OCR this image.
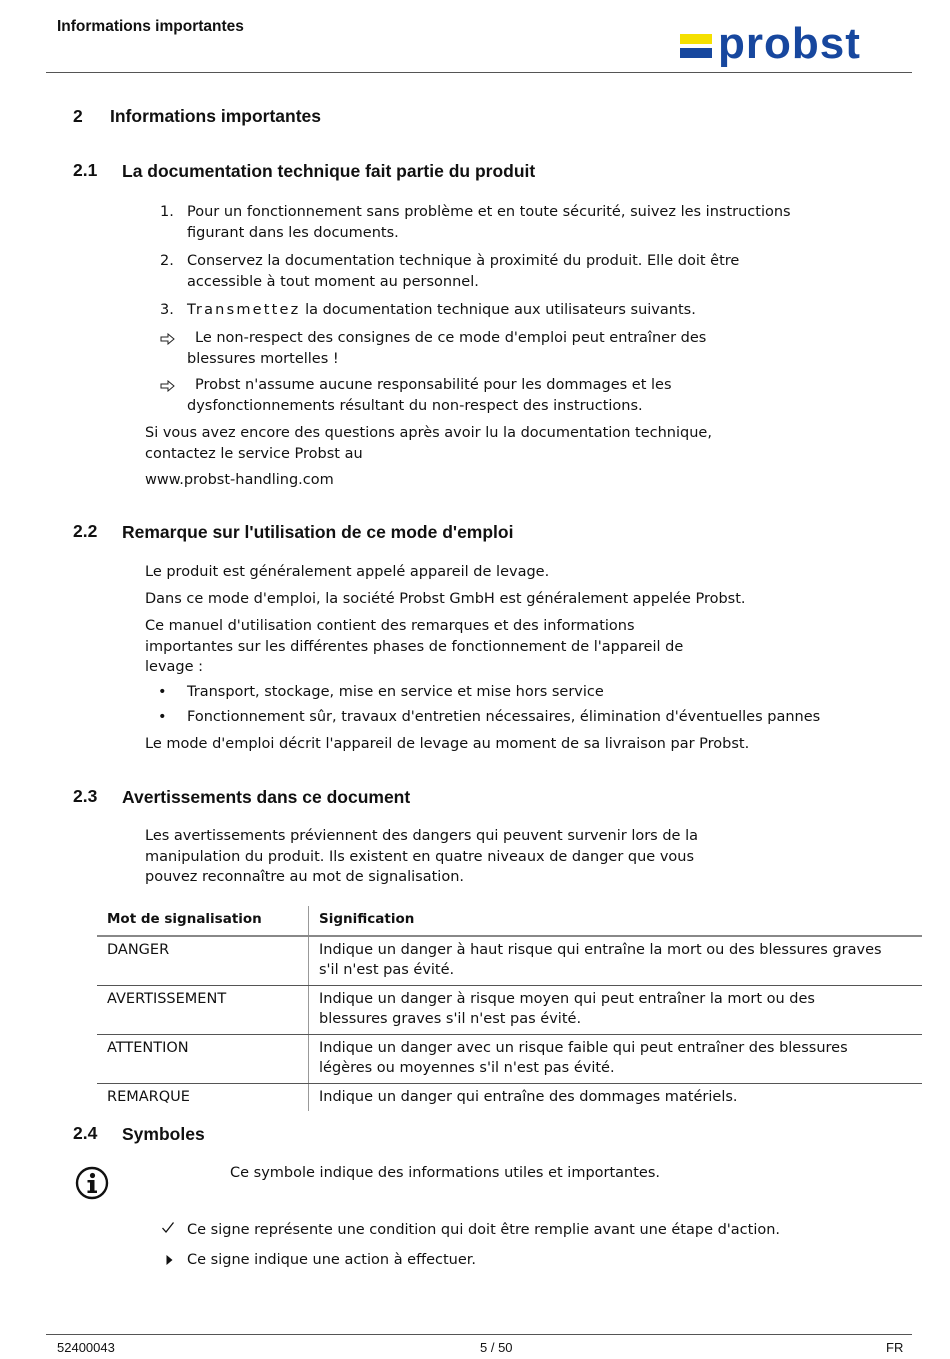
Informations importantes	probst
2 Informations importantes
2.1 La documentation technique fait partie du produit
1. Pour un fonctionnement sans problème et en toute sécurité, suivez les instructions
figurant dans les documents.
2. Conservez la documentation technique à proximité du produit. Elle doit être
accessible à tout moment au personnel.
3. Transmettez la documentation technique aux utilisateurs suivants.
Le non-respect des consignes de ce mode d'emploi peut entraîner des
blessures mortelles !
Probst n'assume aucune responsabilité pour les dommages et les
dysfonctionnements résultant du non-respect des instructions.
Si vous avez encore des questions après avoir lu la documentation technique,
contactez le service Probst au
www.probst-handling.com
2.2 Remarque sur l'utilisation de ce mode d'emploi
Le produit est généralement appelé appareil de levage.
Dans ce mode d'emploi, la société Probst GmbH est généralement appelée Probst.
Ce manuel d'utilisation contient des remarques et des informations
importantes sur les différentes phases de fonctionnement de l'appareil de
levage :
• Transport, stockage, mise en service et mise hors service
• Fonctionnement sûr, travaux d'entretien nécessaires, élimination d'éventuelles pannes
Le mode d'emploi décrit l'appareil de levage au moment de sa livraison par Probst.
2.3 Avertissements dans ce document
Les avertissements préviennent des dangers qui peuvent survenir lors de la
manipulation du produit. Ils existent en quatre niveaux de danger que vous
pouvez reconnaître au mot de signalisation.
Mot de signalisation	Signification
DANGER	Indique un danger à haut risque qui entraîne la mort ou des blessures graves
s'il n'est pas évité.

AVERTISSEMENT	Indique un danger à risque moyen qui peut entraîner la mort ou des
blessures graves s'il n'est pas évité.

ATTENTION	Indique un danger avec un risque faible qui peut entraîner des blessures
légères ou moyennes s'il n'est pas évité.

REMARQUE	Indique un danger qui entraîne des dommages matériels.
2.4 Symboles
Ce symbole indique des informations utiles et importantes.
Ce signe représente une condition qui doit être remplie avant une étape d'action.
Ce signe indique une action à effectuer.
52400043	5 / 50	FR
